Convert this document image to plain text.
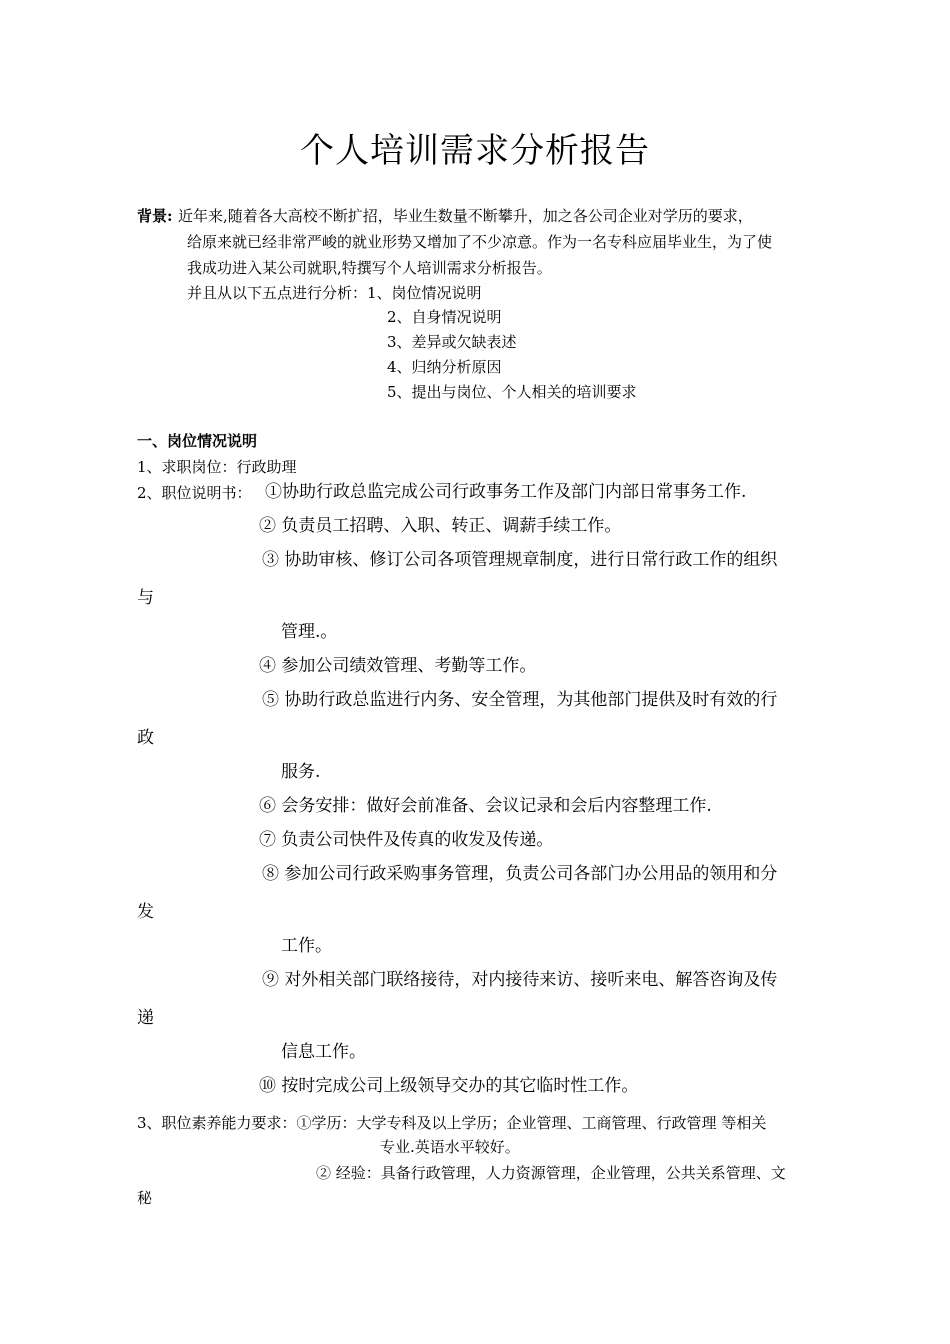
个人培训需求分析报告
背景: 近年来,随着各大高校不断扩招，毕业生数量不断攀升，加之各公司企业对学历的要求，
给原来就已经非常严峻的就业形势又增加了不少凉意。作为一名专科应届毕业生，为了使
我成功进入某公司就职,特撰写个人培训需求分析报告。
并且从以下五点进行分析：1、岗位情况说明
2、自身情况说明
3、差异或欠缺表述
4、归纳分析原因
5、提出与岗位、个人相关的培训要求
一、岗位情况说明
1、求职岗位：行政助理
2、职位说明书： ①协助行政总监完成公司行政事务工作及部门内部日常事务工作.
② 负责员工招聘、入职、转正、调薪手续工作。
③ 协助审核、修订公司各项管理规章制度，进行日常行政工作的组织
与
管理.。
④ 参加公司绩效管理、考勤等工作。
⑤ 协助行政总监进行内务、安全管理，为其他部门提供及时有效的行
政
服务.
⑥ 会务安排：做好会前准备、会议记录和会后内容整理工作.
⑦ 负责公司快件及传真的收发及传递。
⑧ 参加公司行政采购事务管理，负责公司各部门办公用品的领用和分
发
工作。
⑨ 对外相关部门联络接待，对内接待来访、接听来电、解答咨询及传
递
信息工作。
⑩ 按时完成公司上级领导交办的其它临时性工作。
3、职位素养能力要求：①学历：大学专科及以上学历；企业管理、工商管理、行政管理 等相关
专业.英语水平较好。
② 经验：具备行政管理，人力资源管理，企业管理，公共关系管理、文
秘
